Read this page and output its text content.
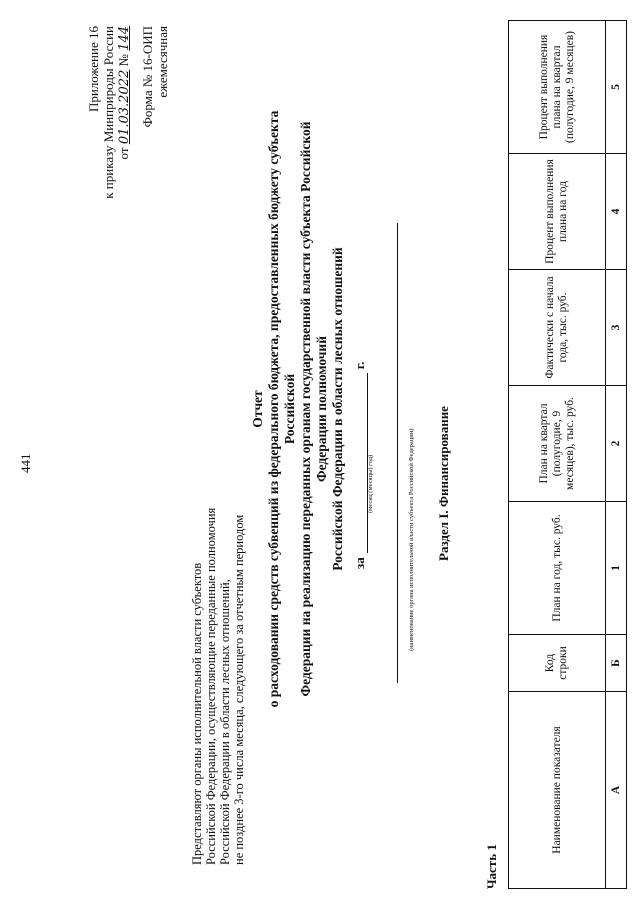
441
Приложение 16 к приказу Минприроды России от 01.03.2022 № 144 Форма № 16-ОИП ежемесячная
Представляют органы исполнительной власти субъектов Российской Федерации, осуществляющие переданные полномочия Российской Федерации в области лесных отношений, не позднее 3-го числа месяца, следующего за отчетным периодом
Отчет о расходовании средств субвенций из федерального бюджета, предоставленных бюджету субъекта Российской Федерации на реализацию переданных органам государственной власти субъекта Российской Федерации полномочий Российской Федерации в области лесных отношений заг.
(месяц (месяцы) год)	(наименование органа исполнительной власти субъекта Российской Федерации) Раздел I. Финансирование
Часть 1
Наименование показателя	Код строки	План на год, тыс. руб.	План на квартал (полугодие, 9 месяцев), тыс. руб.	Фактически с начала года, тыс. руб.	Процент выполнения плана на год	Процент выполнения плана на квартал (полугодие, 9 месяцев)
А	Б	1	2	3	4	5
